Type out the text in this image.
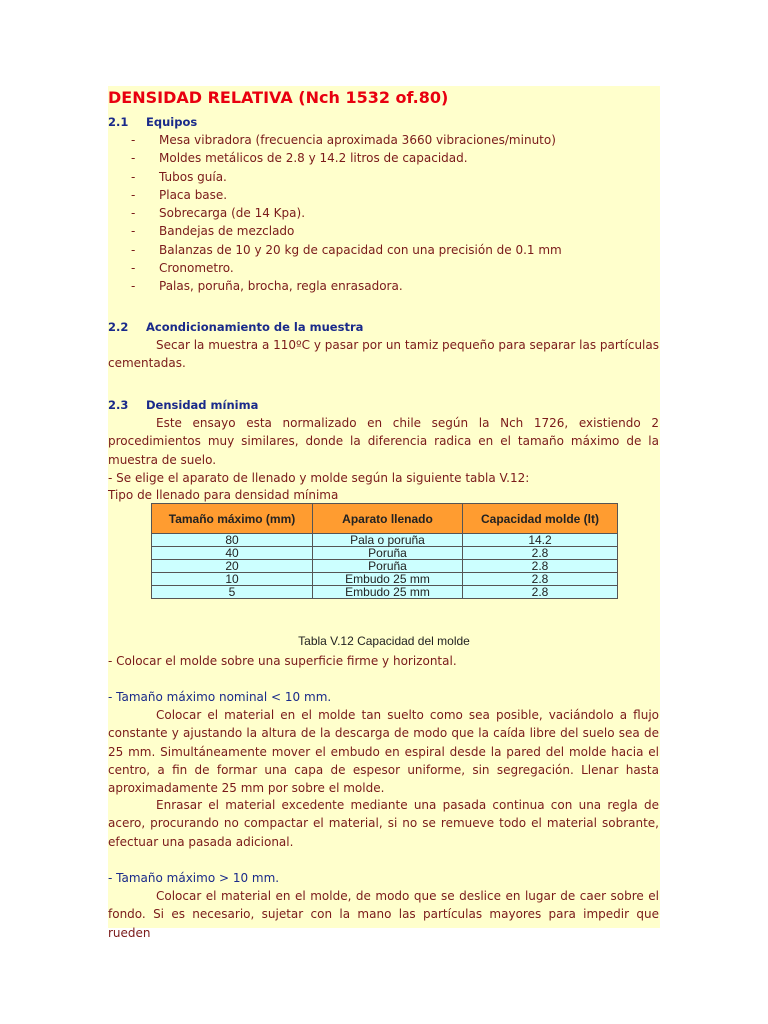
DENSIDAD RELATIVA (Nch 1532 of.80)
2.1 Equipos
- Mesa vibradora (frecuencia aproximada 3660 vibraciones/minuto)
- Moldes metálicos de 2.8 y 14.2 litros de capacidad.
- Tubos guía.
- Placa base.
- Sobrecarga (de 14 Kpa).
- Bandejas de mezclado
- Balanzas de 10 y 20 kg de capacidad con una precisión de 0.1 mm
- Cronometro.
- Palas, poruña, brocha, regla enrasadora.
2.2 Acondicionamiento de la muestra
Secar la muestra a 110ºC y pasar por un tamiz pequeño para separar las partículas cementadas.
2.3 Densidad mínima
Este ensayo esta normalizado en chile según la Nch 1726, existiendo 2 procedimientos muy similares, donde la diferencia radica en el tamaño máximo de la muestra de suelo.
- Se elige el aparato de llenado y molde según la siguiente tabla V.12:
Tipo de llenado para densidad mínima
Tamaño máximo (mm)	Aparato llenado	Capacidad molde (lt)
80	Pala o poruña	14.2
40	Poruña	2.8
20	Poruña	2.8
10	Embudo 25 mm	2.8
5	Embudo 25 mm	2.8
Tabla V.12 Capacidad del molde
- Colocar el molde sobre una superficie firme y horizontal.
- Tamaño máximo nominal < 10 mm.
Colocar el material en el molde tan suelto como sea posible, vaciándolo a flujo constante y ajustando la altura de la descarga de modo que la caída libre del suelo sea de 25 mm. Simultáneamente mover el embudo en espiral desde la pared del molde hacia el centro, a fin de formar una capa de espesor uniforme, sin segregación. Llenar hasta aproximadamente 25 mm por sobre el molde.
Enrasar el material excedente mediante una pasada continua con una regla de acero, procurando no compactar el material, si no se remueve todo el material sobrante, efectuar una pasada adicional.
- Tamaño máximo > 10 mm.
Colocar el material en el molde, de modo que se deslice en lugar de caer sobre el fondo. Si es necesario, sujetar con la mano las partículas mayores para impedir que rueden
